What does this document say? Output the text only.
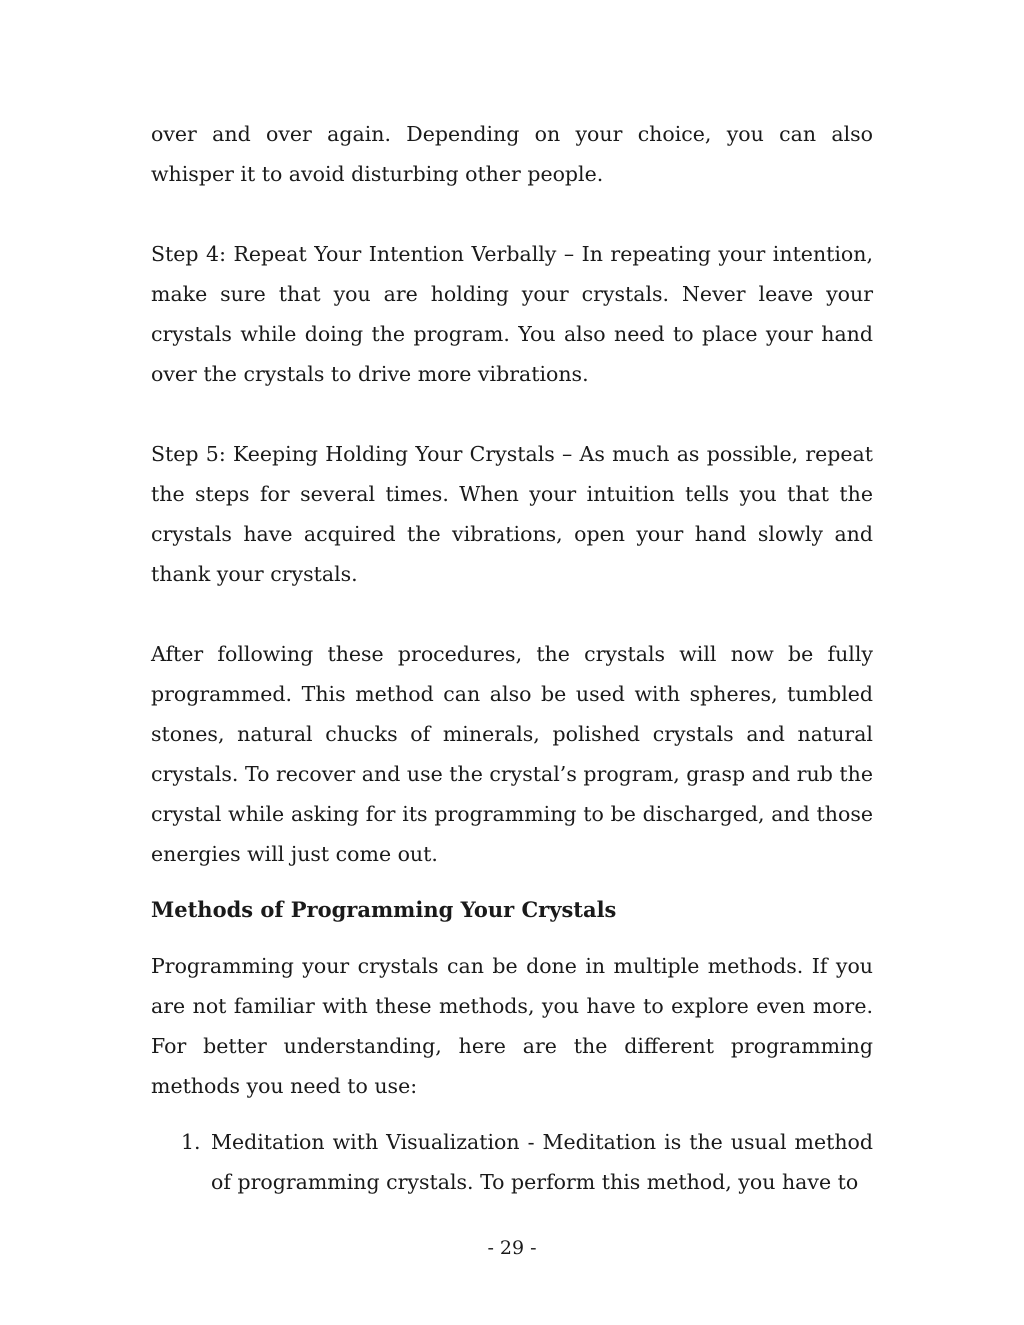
over and over again. Depending on your choice, you can also whisper it to avoid disturbing other people.

Step 4: Repeat Your Intention Verbally – In repeating your intention, make sure that you are holding your crystals. Never leave your crystals while doing the program. You also need to place your hand over the crystals to drive more vibrations.

Step 5: Keeping Holding Your Crystals – As much as possible, repeat the steps for several times. When your intuition tells you that the crystals have acquired the vibrations, open your hand slowly and thank your crystals.

After following these procedures, the crystals will now be fully programmed. This method can also be used with spheres, tumbled stones, natural chucks of minerals, polished crystals and natural crystals. To recover and use the crystal’s program, grasp and rub the crystal while asking for its programming to be discharged, and those energies will just come out.

Methods of Programming Your Crystals

Programming your crystals can be done in multiple methods. If you are not familiar with these methods, you have to explore even more. For better understanding, here are the different programming methods you need to use:

1. Meditation with Visualization - Meditation is the usual method of programming crystals. To perform this method, you have to
- 29 -
